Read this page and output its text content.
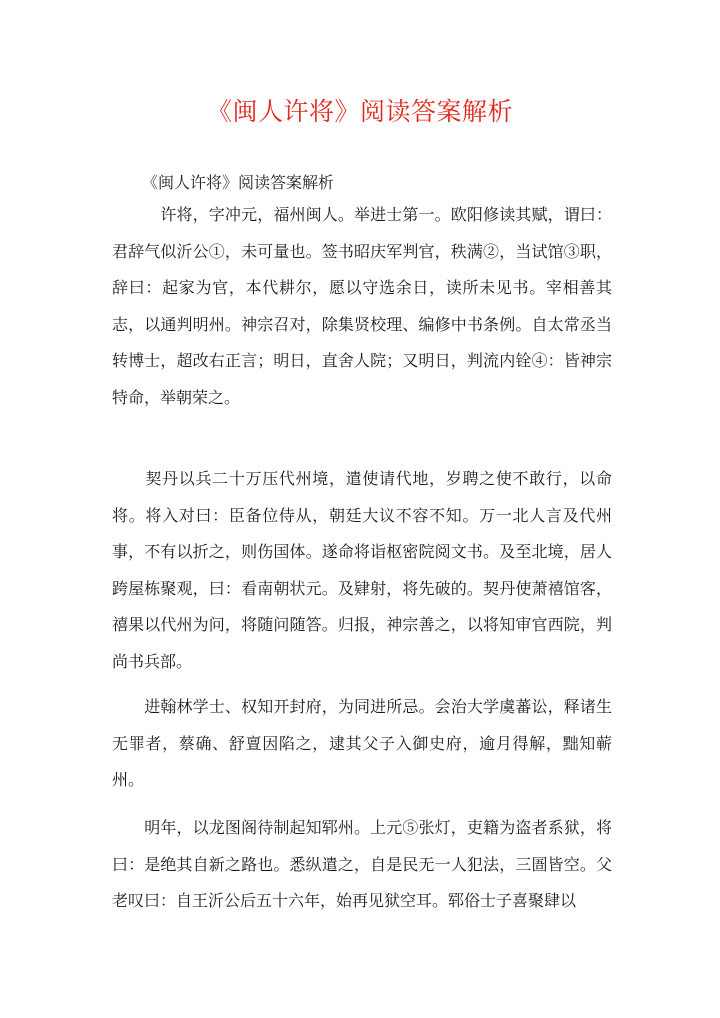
《闽人许将》阅读答案解析
《闽人许将》阅读答案解析

　　　许将，字冲元，福州闽人。举进士第一。欧阳修读其赋，谓曰：君辞气似沂公①，未可量也。签书昭庆军判官，秩满②，当试馆③职，辞曰：起家为官，本代耕尔，愿以守选余日，读所未见书。宰相善其志，以通判明州。神宗召对，除集贤校理、编修中书条例。自太常丞当转博士，超改右正言；明日，直舍人院；又明日，判流内铨④：皆神宗特命，举朝荣之。

　　契丹以兵二十万压代州境，遣使请代地，岁聘之使不敢行，以命将。将入对曰：臣备位侍从，朝廷大议不容不知。万一北人言及代州事，不有以折之，则伤国体。遂命将诣枢密院阅文书。及至北境，居人跨屋栋聚观，曰：看南朝状元。及肄射，将先破的。契丹使萧禧馆客，禧果以代州为问，将随问随答。归报，神宗善之，以将知审官西院，判尚书兵部。

　　进翰林学士、权知开封府，为同进所忌。会治大学虞蕃讼，释诸生无罪者，蔡确、舒亶因陷之，逮其父子入御史府，逾月得解，黜知蕲州。

　　明年，以龙图阁待制起知郓州。上元⑤张灯，吏籍为盗者系狱，将曰：是绝其自新之路也。悉纵遣之，自是民无一人犯法，三圄皆空。父老叹曰：自王沂公后五十六年，始再见狱空耳。郓俗士子喜聚肆以
